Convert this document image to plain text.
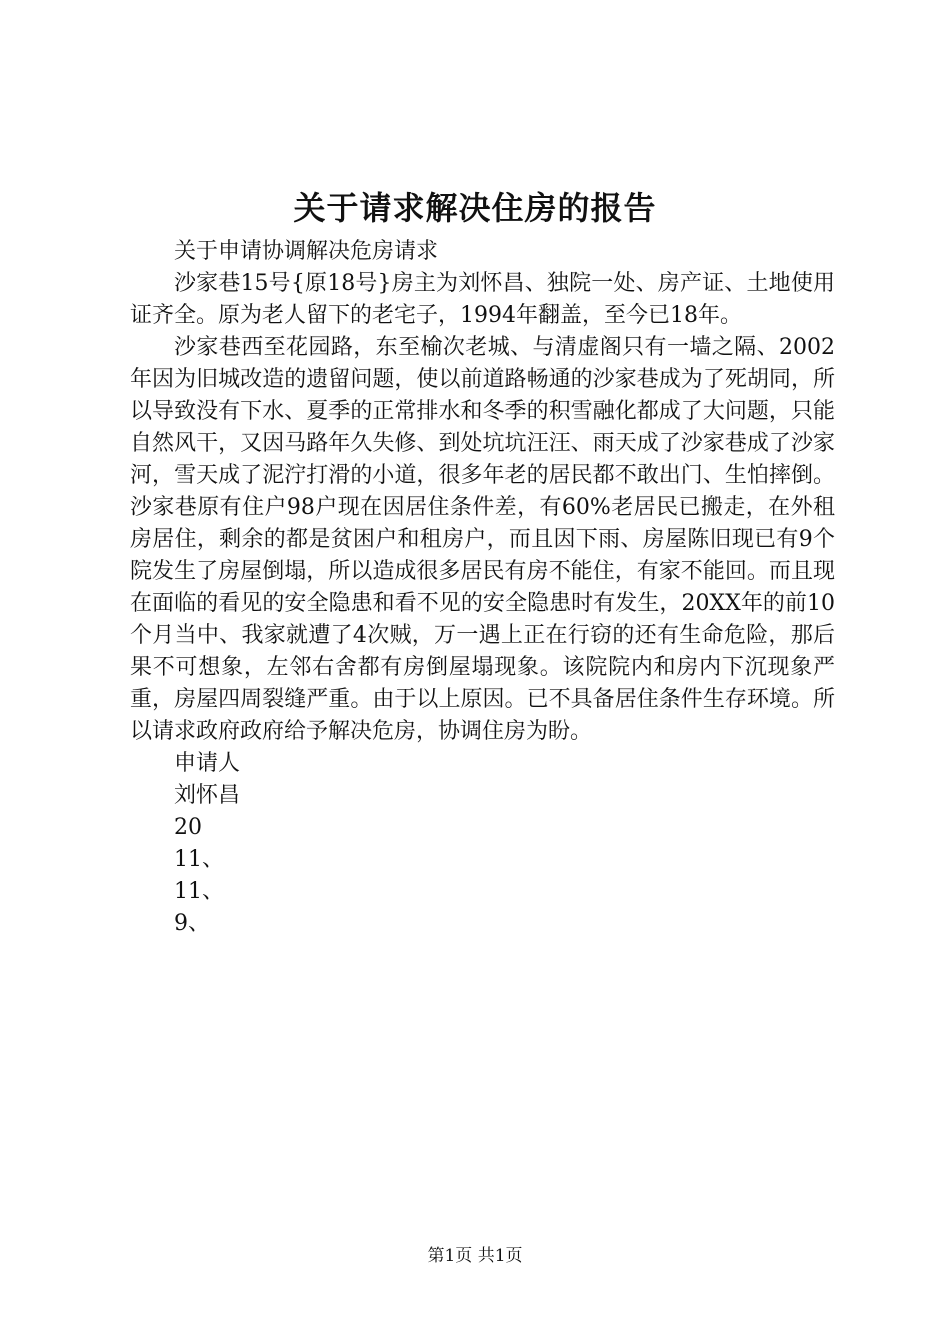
关于请求解决住房的报告

关于申请协调解决危房请求

沙家巷15号{原18号}房主为刘怀昌、独院一处、房产证、土地使用证齐全。原为老人留下的老宅子，1994年翻盖，至今已18年。

沙家巷西至花园路，东至榆次老城、与清虚阁只有一墙之隔、2002年因为旧城改造的遗留问题，使以前道路畅通的沙家巷成为了死胡同，所以导致没有下水、夏季的正常排水和冬季的积雪融化都成了大问题，只能自然风干，又因马路年久失修、到处坑坑汪汪、雨天成了沙家巷成了沙家河，雪天成了泥泞打滑的小道，很多年老的居民都不敢出门、生怕摔倒。沙家巷原有住户98户现在因居住条件差，有60%老居民已搬走，在外租房居住，剩余的都是贫困户和租房户，而且因下雨、房屋陈旧现已有9个院发生了房屋倒塌，所以造成很多居民有房不能住，有家不能回。而且现在面临的看见的安全隐患和看不见的安全隐患时有发生，20XX年的前10个月当中、我家就遭了4次贼，万一遇上正在行窃的还有生命危险，那后果不可想象，左邻右舍都有房倒屋塌现象。该院院内和房内下沉现象严重，房屋四周裂缝严重。由于以上原因。已不具备居住条件生存环境。所以请求政府政府给予解决危房，协调住房为盼。

申请人

刘怀昌

20

11、

11、

9、

第1页 共1页
